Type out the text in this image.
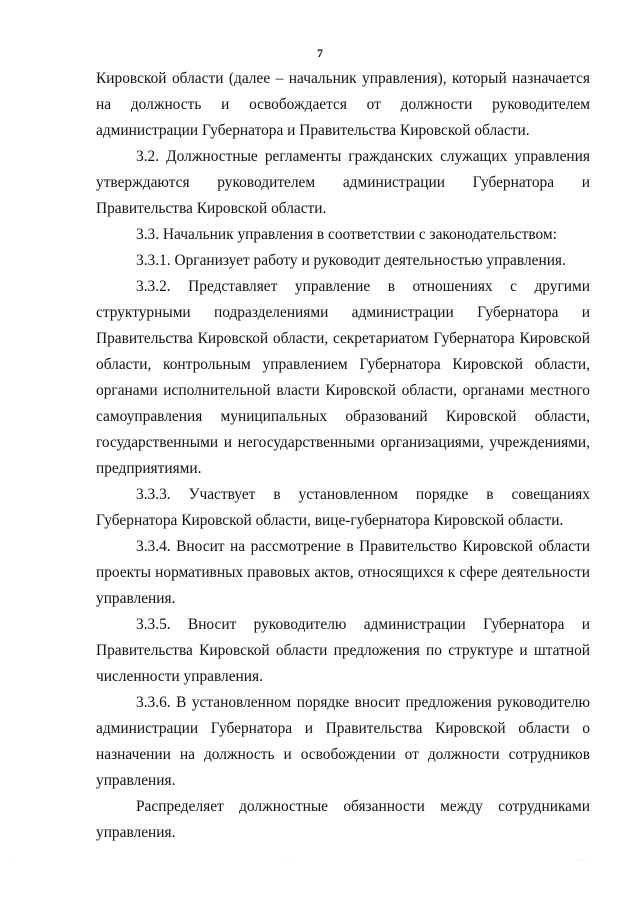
7

Кировской области (далее – начальник управления), который назначается на должность и освобождается от должности руководителем администрации Губернатора и Правительства Кировской области.

3.2. Должностные регламенты гражданских служащих управления утверждаются руководителем администрации Губернатора и Правительства Кировской области.

3.3. Начальник управления в соответствии с законодательством:

3.3.1. Организует работу и руководит деятельностью управления.

3.3.2. Представляет управление в отношениях с другими структурными подразделениями администрации Губернатора и Правительства Кировской области, секретариатом Губернатора Кировской области, контрольным управлением Губернатора Кировской области, органами исполнительной власти Кировской области, органами местного самоуправления муниципальных образований Кировской области, государственными и негосударственными организациями, учреждениями, предприятиями.

3.3.3. Участвует в установленном порядке в совещаниях Губернатора Кировской области, вице-губернатора Кировской области.

3.3.4. Вносит на рассмотрение в Правительство Кировской области проекты нормативных правовых актов, относящихся к сфере деятельности управления.

3.3.5. Вносит руководителю администрации Губернатора и Правительства Кировской области предложения по структуре и штатной численности управления.

3.3.6. В установленном порядке вносит предложения руководителю администрации Губернатора и Правительства Кировской области о назначении на должность и освобождении от должности сотрудников управления.

Распределяет должностные обязанности между сотрудниками управления.

·	˙˙˙	˙˙˙˙
